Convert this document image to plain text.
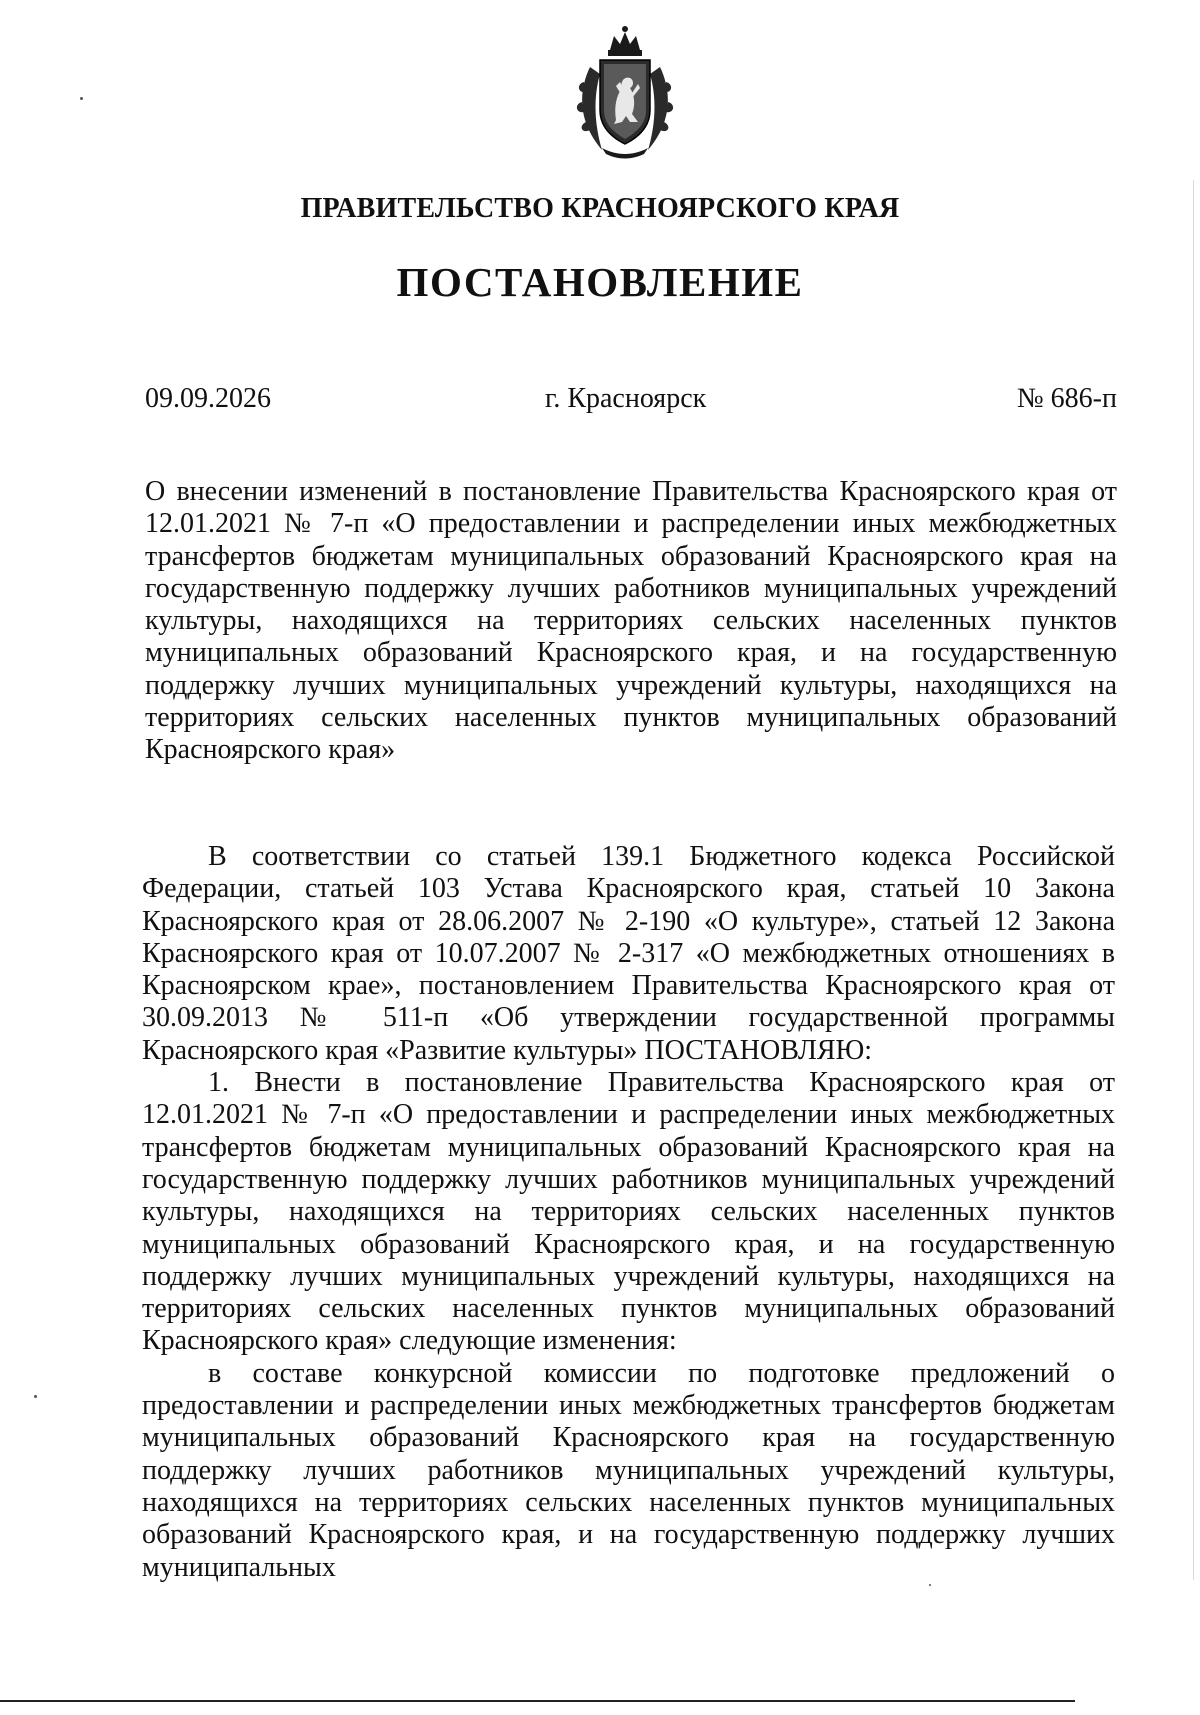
ПРАВИТЕЛЬСТВО КРАСНОЯРСКОГО КРАЯ
ПОСТАНОВЛЕНИЕ
09.09.2026	г. Красноярск	№ 686-п
О внесении изменений в постановление Правительства Красноярского края от 12.01.2021 № 7-п «О предоставлении и распределении иных межбюджетных трансфертов бюджетам муниципальных образований Красноярского края на государственную поддержку лучших работников муниципальных учреждений культуры, находящихся на территориях сельских населенных пунктов муниципальных образований Красноярского края, и на государственную поддержку лучших муниципальных учреждений культуры, находящихся на территориях сельских населенных пунктов муниципальных образований Красноярского края»

В соответствии со статьей 139.1 Бюджетного кодекса Российской Федерации, статьей 103 Устава Красноярского края, статьей 10 Закона Красноярского края от 28.06.2007 № 2-190 «О культуре», статьей 12 Закона Красноярского края от 10.07.2007 № 2-317 «О межбюджетных отношениях в Красноярском крае», постановлением Правительства Красноярского края от 30.09.2013 № 511-п «Об утверждении государственной программы Красноярского края «Развитие культуры» ПОСТАНОВЛЯЮ:

1. Внести в постановление Правительства Красноярского края от 12.01.2021 № 7-п «О предоставлении и распределении иных межбюджетных трансфертов бюджетам муниципальных образований Красноярского края на государственную поддержку лучших работников муниципальных учреждений культуры, находящихся на территориях сельских населенных пунктов муниципальных образований Красноярского края, и на государственную поддержку лучших муниципальных учреждений культуры, находящихся на территориях сельских населенных пунктов муниципальных образований Красноярского края» следующие изменения:

в составе конкурсной комиссии по подготовке предложений о предоставлении и распределении иных межбюджетных трансфертов бюджетам муниципальных образований Красноярского края на государственную поддержку лучших работников муниципальных учреждений культуры, находящихся на территориях сельских населенных пунктов муниципальных образований Красноярского края, и на государственную поддержку лучших муниципальных
